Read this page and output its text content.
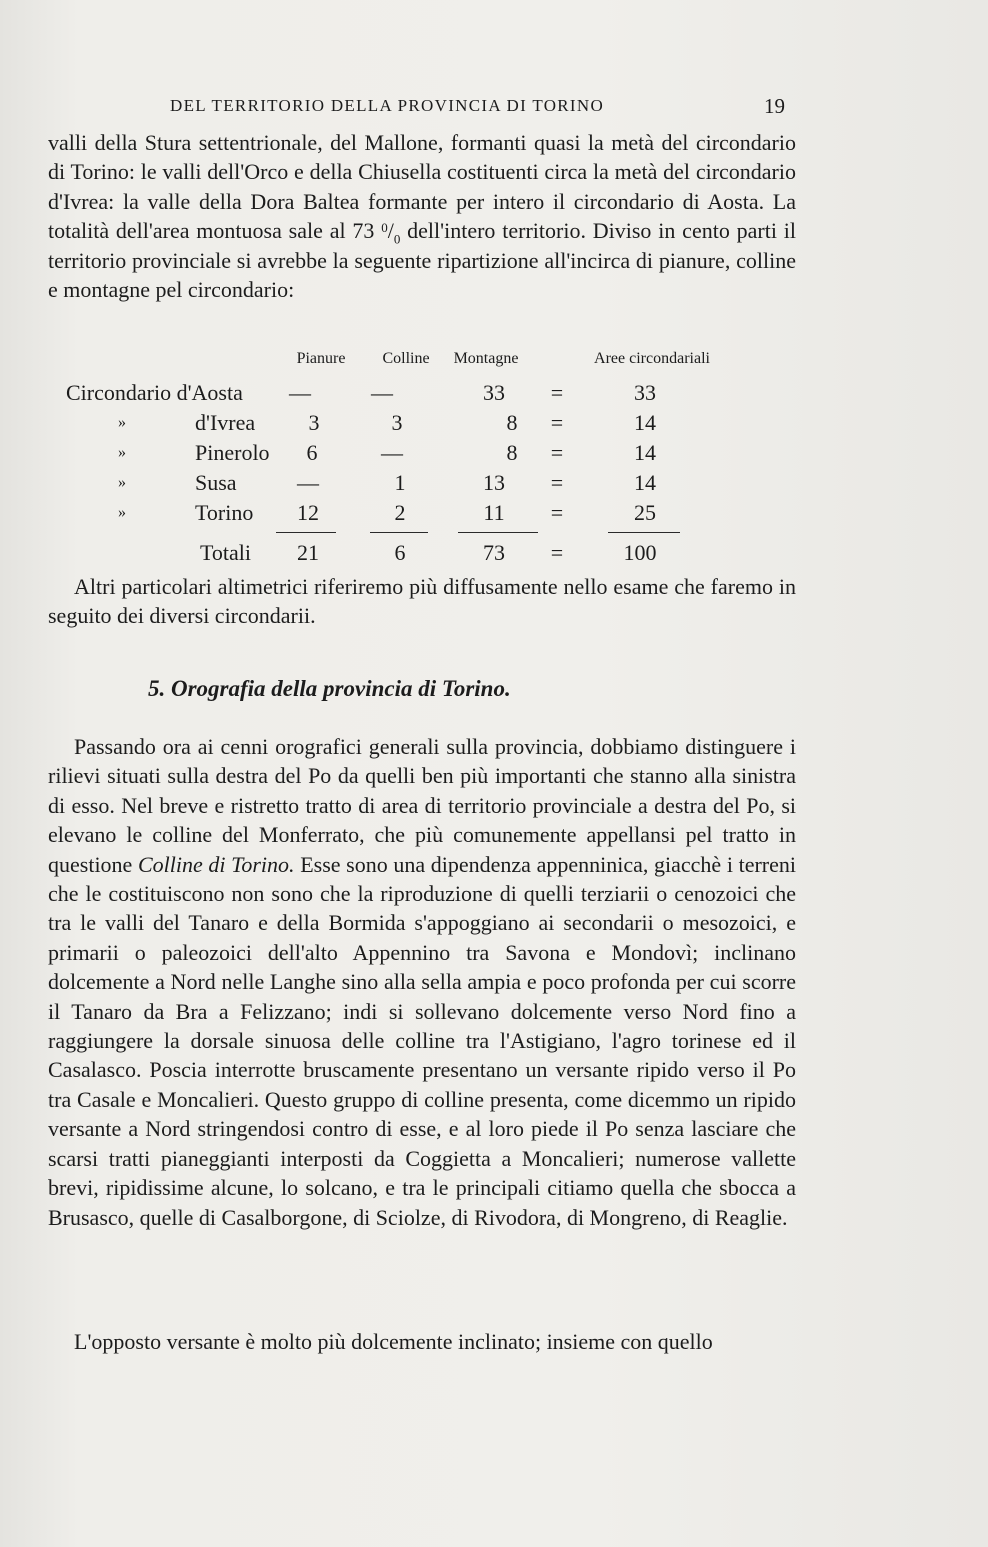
DEL TERRITORIO DELLA PROVINCIA DI TORINO	19

valli della Stura settentrionale, del Mallone, formanti quasi la metà del circondario di Torino: le valli dell'Orco e della Chiusella costituenti circa la metà del circondario d'Ivrea: la valle della Dora Baltea formante per intero il circondario di Aosta. La totalità dell'area montuosa sale al 73 $^0/_0$ dell'intero territorio. Diviso in cento parti il territorio provinciale si avrebbe la seguente ripartizione all'incirca di pianure, colline e montagne pel circondario:

Pianure Colline Montagne	Aree circondariali
Circondario d'Aosta —	—	33 =	33
»	d'Ivrea 3	3	8 =	14
»	Pinerolo 6	—	8 =	14
»	Susa	—	1	13 =	14
»	Torino 12	2	11 =	25
Totali 21	6	73 =	100

Altri particolari altimetrici riferiremo più diffusamente nello esame che faremo in seguito dei diversi circondarii.

5. Orografia della provincia di Torino.

Passando ora ai cenni orografici generali sulla provincia, dobbiamo distinguere i rilievi situati sulla destra del Po da quelli ben più importanti che stanno alla sinistra di esso. Nel breve e ristretto tratto di area di territorio provinciale a destra del Po, si elevano le colline del Monferrato, che più comunemente appellansi pel tratto in questione Colline di Torino. Esse sono una dipendenza appenninica, giacchè i terreni che le costituiscono non sono che la riproduzione di quelli terziarii o cenozoici che tra le valli del Tanaro e della Bormida s'appoggiano ai secondarii o mesozoici, e primarii o paleozoici dell'alto Appennino tra Savona e Mondovì; inclinano dolcemente a Nord nelle Langhe sino alla sella ampia e poco profonda per cui scorre il Tanaro da Bra a Felizzano; indi si sollevano dolcemente verso Nord fino a raggiungere la dorsale sinuosa delle colline tra l'Astigiano, l'agro torinese ed il Casalasco. Poscia interrotte bruscamente presentano un versante ripido verso il Po tra Casale e Moncalieri. Questo gruppo di colline presenta, come dicemmo un ripido versante a Nord stringendosi contro di esse, e al loro piede il Po senza lasciare che scarsi tratti pianeggianti interposti da Coggietta a Moncalieri; numerose vallette brevi, ripidissime alcune, lo solcano, e tra le principali citiamo quella che sbocca a Brusasco, quelle di Casalborgone, di Sciolze, di Rivodora, di Mongreno, di Reaglie.

L'opposto versante è molto più dolcemente inclinato; insieme con quello
